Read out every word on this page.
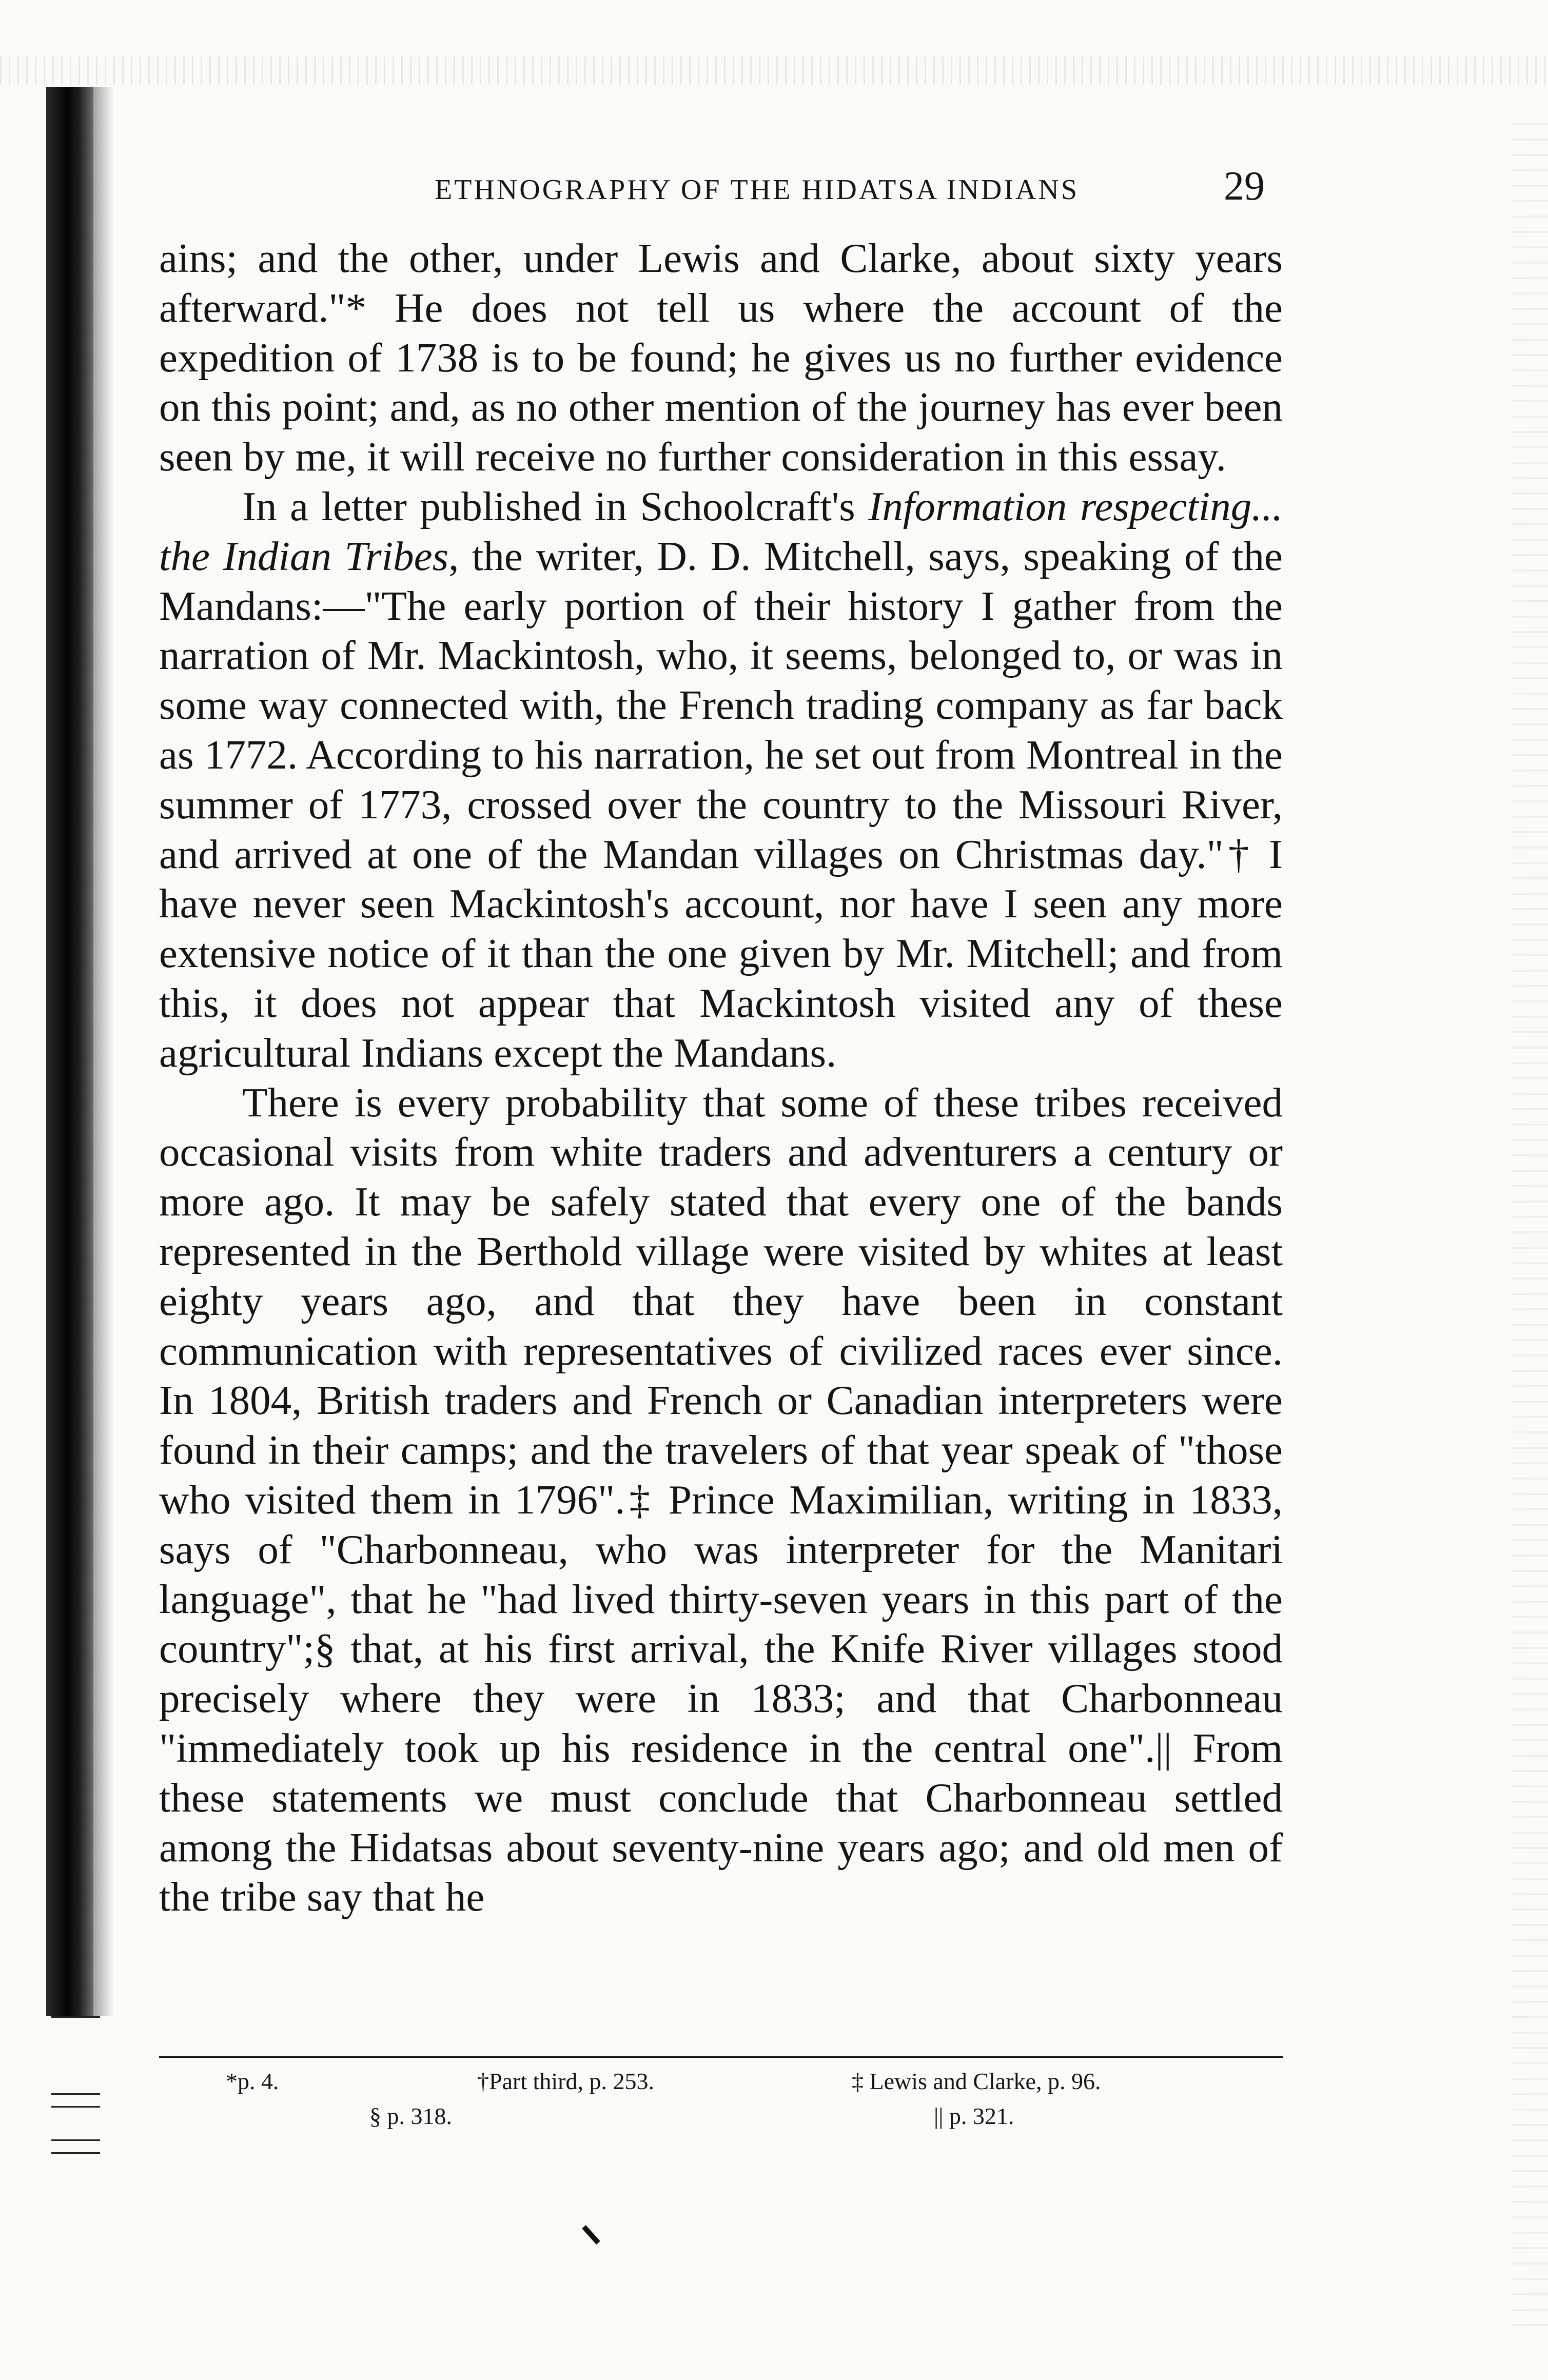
ETHNOGRAPHY OF THE HIDATSA INDIANS	29

ains; and the other, under Lewis and Clarke, about sixty years afterward."* He does not tell us where the account of the expedition of 1738 is to be found; he gives us no further evidence on this point; and, as no other mention of the journey has ever been seen by me, it will receive no further consideration in this essay.

In a letter published in Schoolcraft's Information respecting... the Indian Tribes, the writer, D. D. Mitchell, says, speaking of the Mandans:—"The early portion of their history I gather from the narration of Mr. Mackintosh, who, it seems, belonged to, or was in some way connected with, the French trading company as far back as 1772. According to his narration, he set out from Montreal in the summer of 1773, crossed over the country to the Missouri River, and arrived at one of the Mandan villages on Christmas day."† I have never seen Mackintosh's account, nor have I seen any more extensive notice of it than the one given by Mr. Mitchell; and from this, it does not appear that Mackintosh visited any of these agricultural Indians except the Mandans.

There is every probability that some of these tribes received occasional visits from white traders and adventurers a century or more ago. It may be safely stated that every one of the bands represented in the Berthold village were visited by whites at least eighty years ago, and that they have been in constant communication with representatives of civilized races ever since. In 1804, British traders and French or Canadian interpreters were found in their camps; and the travelers of that year speak of "those who visited them in 1796".‡ Prince Maximilian, writing in 1833, says of "Charbonneau, who was interpreter for the Manitari language", that he "had lived thirty-seven years in this part of the country";§ that, at his first arrival, the Knife River villages stood precisely where they were in 1833; and that Charbonneau "immediately took up his residence in the central one".|| From these statements we must conclude that Charbonneau settled among the Hidatsas about seventy-nine years ago; and old men of the tribe say that he

*p. 4.	†Part third, p. 253.	‡ Lewis and Clarke, p. 96.
§ p. 318.	|| p. 321.
